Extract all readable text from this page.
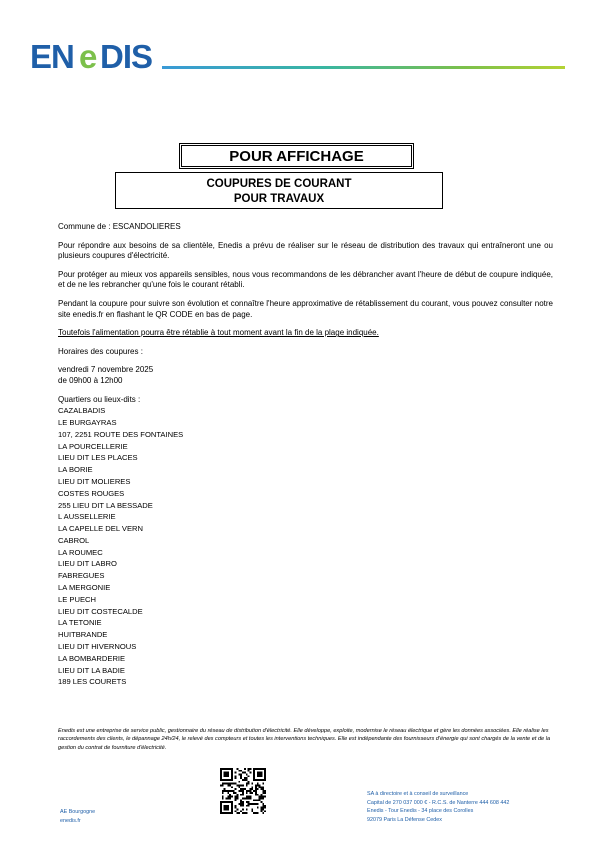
EN e DIS
POUR AFFICHAGE
COUPURES DE COURANT
POUR TRAVAUX

Commune de : ESCANDOLIERES

Pour répondre aux besoins de sa clientèle, Enedis a prévu de réaliser sur le réseau de distribution des travaux qui entraîneront une ou plusieurs coupures d'électricité.

Pour protéger au mieux vos appareils sensibles, nous vous recommandons de les débrancher avant l'heure de début de coupure indiquée, et de ne les rebrancher qu'une fois le courant rétabli.

Pendant la coupure pour suivre son évolution et connaître l'heure approximative de rétablissement du courant, vous pouvez consulter notre site enedis.fr en flashant le QR CODE en bas de page.

Toutefois l'alimentation pourra être rétablie à tout moment avant la fin de la plage indiquée.

Horaires des coupures :

vendredi 7 novembre 2025

de 09h00 à 12h00

Quartiers ou lieux-dits :

CAZALBADIS
LE BURGAYRAS
107, 2251 ROUTE DES FONTAINES
LA POURCELLERIE
LIEU DIT LES PLACES
LA BORIE
LIEU DIT MOLIERES
COSTES ROUGES
255 LIEU DIT LA BESSADE
L AUSSELLERIE
LA CAPELLE DEL VERN
CABROL
LA ROUMEC
LIEU DIT LABRO
FABREGUES
LA MERGONIE
LE PUECH
LIEU DIT COSTECALDE
LA TETONIE
HUITBRANDE
LIEU DIT HIVERNOUS
LA BOMBARDERIE
LIEU DIT LA BADIE
189 LES COURETS
Enedis est une entreprise de service public, gestionnaire du réseau de distribution d'électricité. Elle développe, exploite, modernise le réseau électrique et gère les données associées. Elle réalise les raccordements des clients, le dépannage 24h/24, le relevé des compteurs et toutes les interventions techniques. Elle est indépendante des fournisseurs d'énergie qui sont chargés de la vente et de la gestion du contrat de fourniture d'électricité.
AE Bourgogne
enedis.fr
SA à directoire et à conseil de surveillance
Capital de 270 037 000 € - R.C.S. de Nanterre 444 608 442
Enedis - Tour Enedis - 34 place des Corolles
92079 Paris La Défense Cedex
